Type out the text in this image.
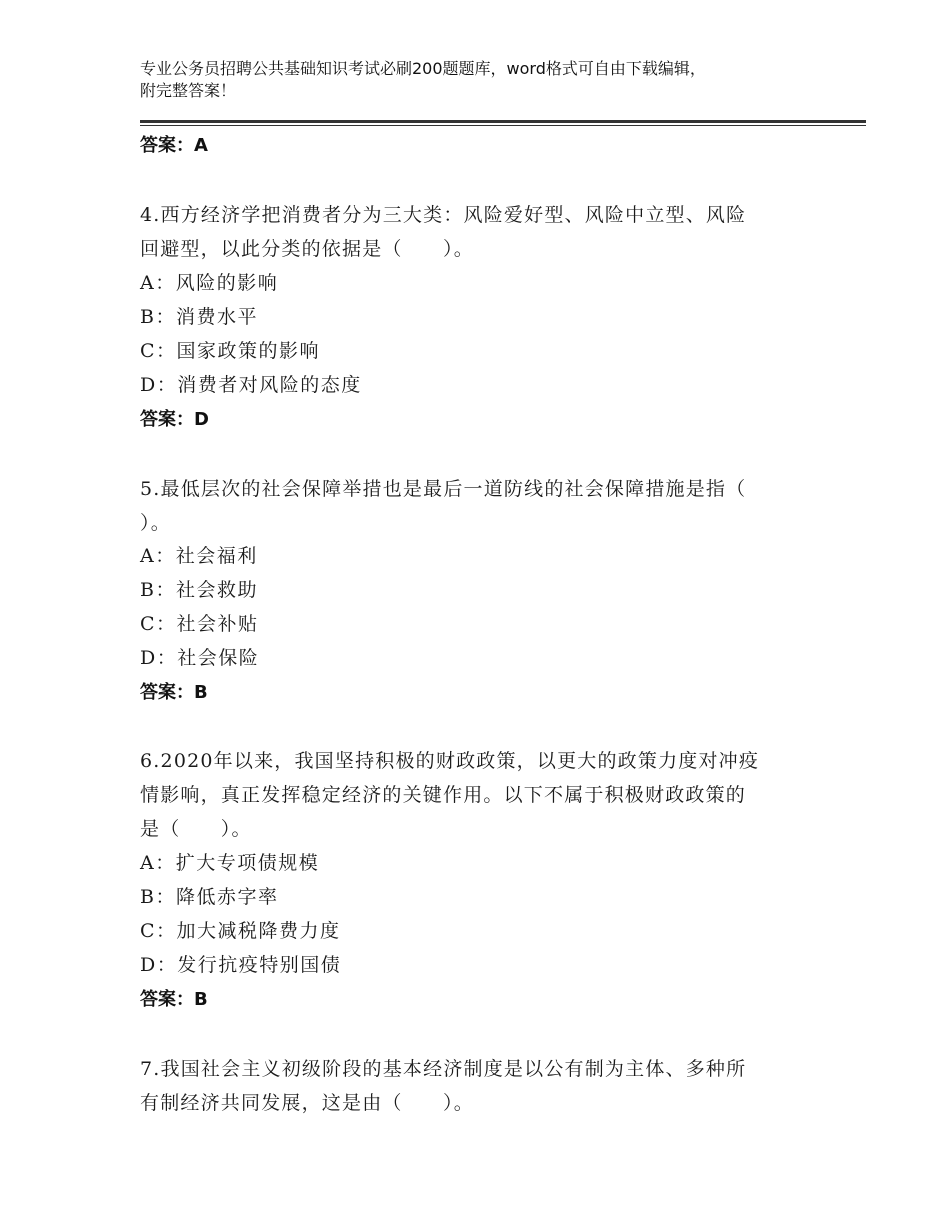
专业公务员招聘公共基础知识考试必刷200题题库，word格式可自由下载编辑，
附完整答案！
答案：A
4.西方经济学把消费者分为三大类：风险爱好型、风险中立型、风险
回避型，以此分类的依据是（　　）。
A：风险的影响
B：消费水平
C：国家政策的影响
D：消费者对风险的态度
答案：D
5.最低层次的社会保障举措也是最后一道防线的社会保障措施是指（
）。
A：社会福利
B：社会救助
C：社会补贴
D：社会保险
答案：B
6.2020年以来，我国坚持积极的财政政策，以更大的政策力度对冲疫
情影响，真正发挥稳定经济的关键作用。以下不属于积极财政政策的
是（　　）。
A：扩大专项债规模
B：降低赤字率
C：加大减税降费力度
D：发行抗疫特别国债
答案：B
7.我国社会主义初级阶段的基本经济制度是以公有制为主体、多种所
有制经济共同发展，这是由（　　）。
